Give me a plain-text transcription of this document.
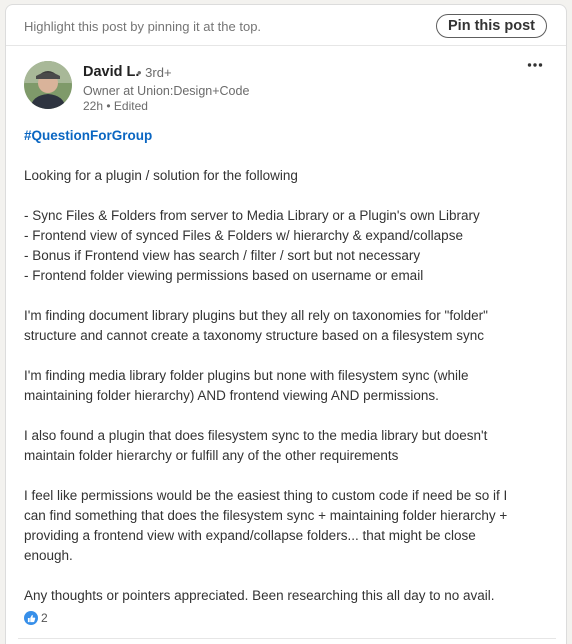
Highlight this post by pinning it at the top.	Pin this post
David L.
• 3rd+
Owner at Union:Design+Code
22h • Edited

#QuestionForGroup

Looking for a plugin / solution for the following

- Sync Files & Folders from server to Media Library or a Plugin's own Library

- Frontend view of synced Files & Folders w/ hierarchy & expand/collapse

- Bonus if Frontend view has search / filter / sort but not necessary

- Frontend folder viewing permissions based on username or email

I'm finding document library plugins but they all rely on taxonomies for "folder"

structure and cannot create a taxonomy structure based on a filesystem sync

I'm finding media library folder plugins but none with filesystem sync (while

maintaining folder hierarchy) AND frontend viewing AND permissions.

I also found a plugin that does filesystem sync to the media library but doesn't

maintain folder hierarchy or fulfill any of the other requirements

I feel like permissions would be the easiest thing to custom code if need be so if I

can find something that does the filesystem sync + maintaining folder hierarchy +

providing a frontend view with expand/collapse folders... that might be close

enough.

Any thoughts or pointers appreciated. Been researching this all day to no avail.

2
